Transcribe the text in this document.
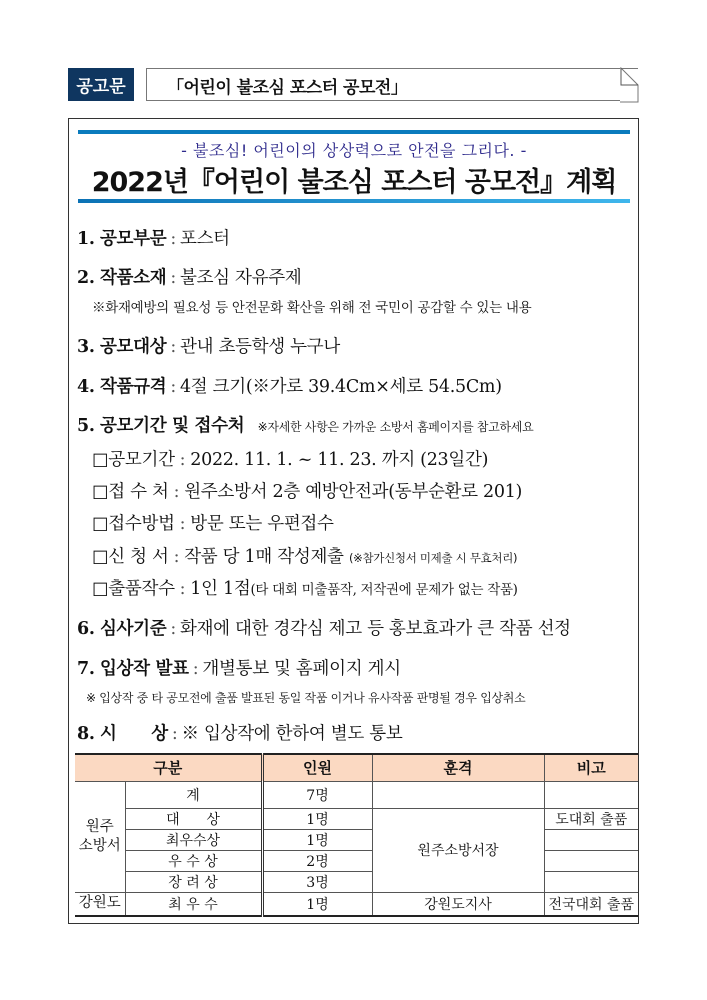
공고문	「어린이 불조심 포스터 공모전」
- 불조심! 어린이의 상상력으로 안전을 그리다. -
2022년『어린이 불조심 포스터 공모전』계획
1. 공모부문 : 포스터
2. 작품소재 : 불조심 자유주제
※화재예방의 필요성 등 안전문화 확산을 위해 전 국민이 공감할 수 있는 내용
3. 공모대상 : 관내 초등학생 누구나
4. 작품규격 : 4절 크기(※가로 39.4Cm×세로 54.5Cm)
5. 공모기간 및 접수처 ※자세한 사항은 가까운 소방서 홈페이지를 참고하세요
□공모기간 : 2022. 11. 1. ~ 11. 23. 까지 (23일간)
□접 수 처 : 원주소방서 2층 예방안전과(동부순환로 201)
□접수방법 : 방문 또는 우편접수
□신 청 서 : 작품 당 1매 작성제출 (※참가신청서 미제출 시 무효처리)
□출품작수 : 1인 1점(타 대회 미출품작, 저작권에 문제가 없는 작품)
6. 심사기준 : 화재에 대한 경각심 제고 등 홍보효과가 큰 작품 선정
7. 입상작 발표 : 개별통보 및 홈페이지 게시
※ 입상작 중 타 공모전에 출품 발표된 동일 작품 이거나 유사작품 판명될 경우 입상취소
8. 시      상 : ※ 입상작에 한하여 별도 통보
구분		인원	훈격	비고
원주
소방서	계	7명		
	대      상	1명	원주소방서장	도대회 출품
	최우수상	1명		
	우 수 상	2명		
	장 려 상	3명		
강원도	최 우 수	1명	강원도지사	전국대회 출품
